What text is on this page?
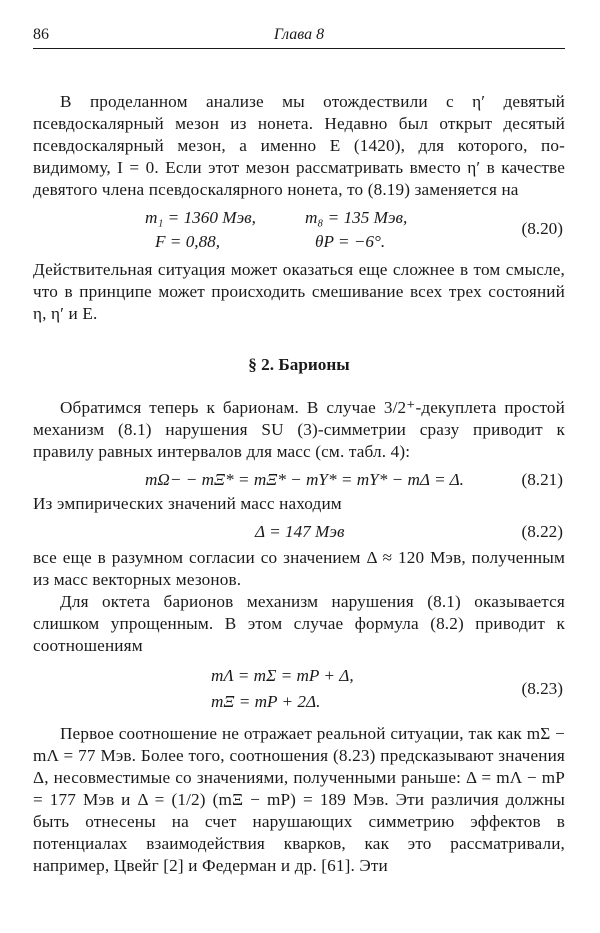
86	Глава 8

В проделанном анализе мы отождествили с η′ девятый псевдоскалярный мезон из нонета. Недавно был открыт десятый псевдоскалярный мезон, а именно E (1420), для которого, по-видимому, I = 0. Если этот мезон рассматривать вместо η′ в качестве девятого члена псевдоскалярного нонета, то (8.19) заменяется на

m₁ = 1360 Мэв,	m₈ = 135 Мэв,
F = 0,88,	θP = −6°.
(8.20)

Действительная ситуация может оказаться еще сложнее в том смысле, что в принципе может происходить смешивание всех трех состояний η, η′ и E.

§ 2. Барионы

Обратимся теперь к барионам. В случае 3/2⁺-декуплета простой механизм (8.1) нарушения SU (3)-симметрии сразу приводит к правилу равных интервалов для масс (см. табл. 4):

mΩ− − mΞ* = mΞ* − mY* = mY* − mΔ = Δ.	(8.21)

Из эмпирических значений масс находим

Δ = 147 Мэв	(8.22)

все еще в разумном согласии со значением Δ ≈ 120 Мэв, полученным из масс векторных мезонов.

Для октета барионов механизм нарушения (8.1) оказывается слишком упрощенным. В этом случае формула (8.2) приводит к соотношениям

mΛ = mΣ = mP + Δ,
mΞ = mP + 2Δ.
(8.23)

Первое соотношение не отражает реальной ситуации, так как mΣ − mΛ = 77 Мэв. Более того, соотношения (8.23) предсказывают значения Δ, несовместимые со значениями, полученными раньше: Δ = mΛ − mP = 177 Мэв и Δ = (1/2) (mΞ − mP) = 189 Мэв. Эти различия должны быть отнесены на счет нарушающих симметрию эффектов в потенциалах взаимодействия кварков, как это рассматривали, например, Цвейг [2] и Федерман и др. [61]. Эти
